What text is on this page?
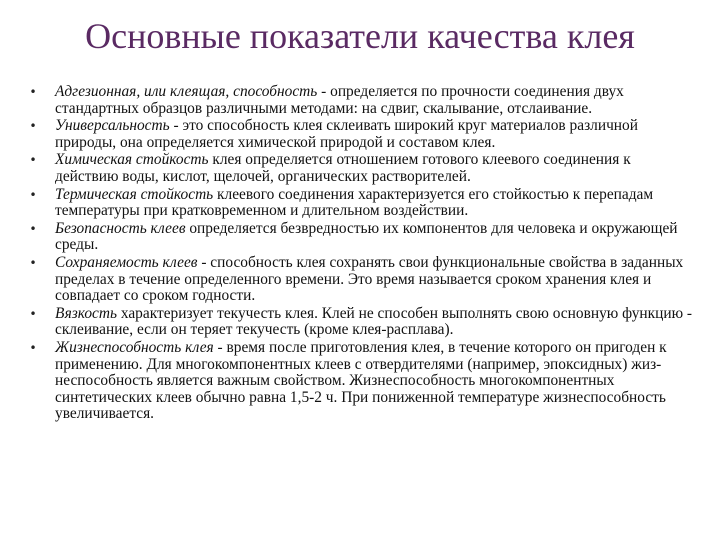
Основные показатели качества клея
• Адгезионная, или клеящая, способность - определяется по прочности соединения двух стандартных образцов различными методами: на сдвиг, скалывание, отслаивание.
• Универсальность - это способность клея склеивать широкий круг материалов различной природы, она определяется химической природой и составом клея.
• Химическая стойкость клея определяется отношением готового клеевого соединения к действию воды, кислот, щелочей, органических растворителей.
• Термическая стойкость клеевого соединения характеризуется его стойкостью к перепадам температуры при кратковременном и длительном воздействии.
• Безопасность клеев определяется безвредностью их компонентов для человека и окружающей среды.
• Сохраняемость клеев - способность клея сохранять свои функциональные свойства в заданных пределах в течение определенного времени. Это время называется сроком хранения клея и совпадает со сроком годности.
• Вязкость характеризует текучесть клея. Клей не способен выполнять свою основную функцию - склеивание, если он теряет текучесть (кроме клея-расплава).
• Жизнеспособность клея - время после приготовления клея, в течение которого он пригоден к применению. Для многокомпонентных клеев с отвердителями (например, эпоксидных) жиз-неспособность является важным свойством. Жизнеспособность многокомпонентных синтетических клеев обычно равна 1,5-2 ч. При пониженной температуре жизнеспособность увеличивается.
